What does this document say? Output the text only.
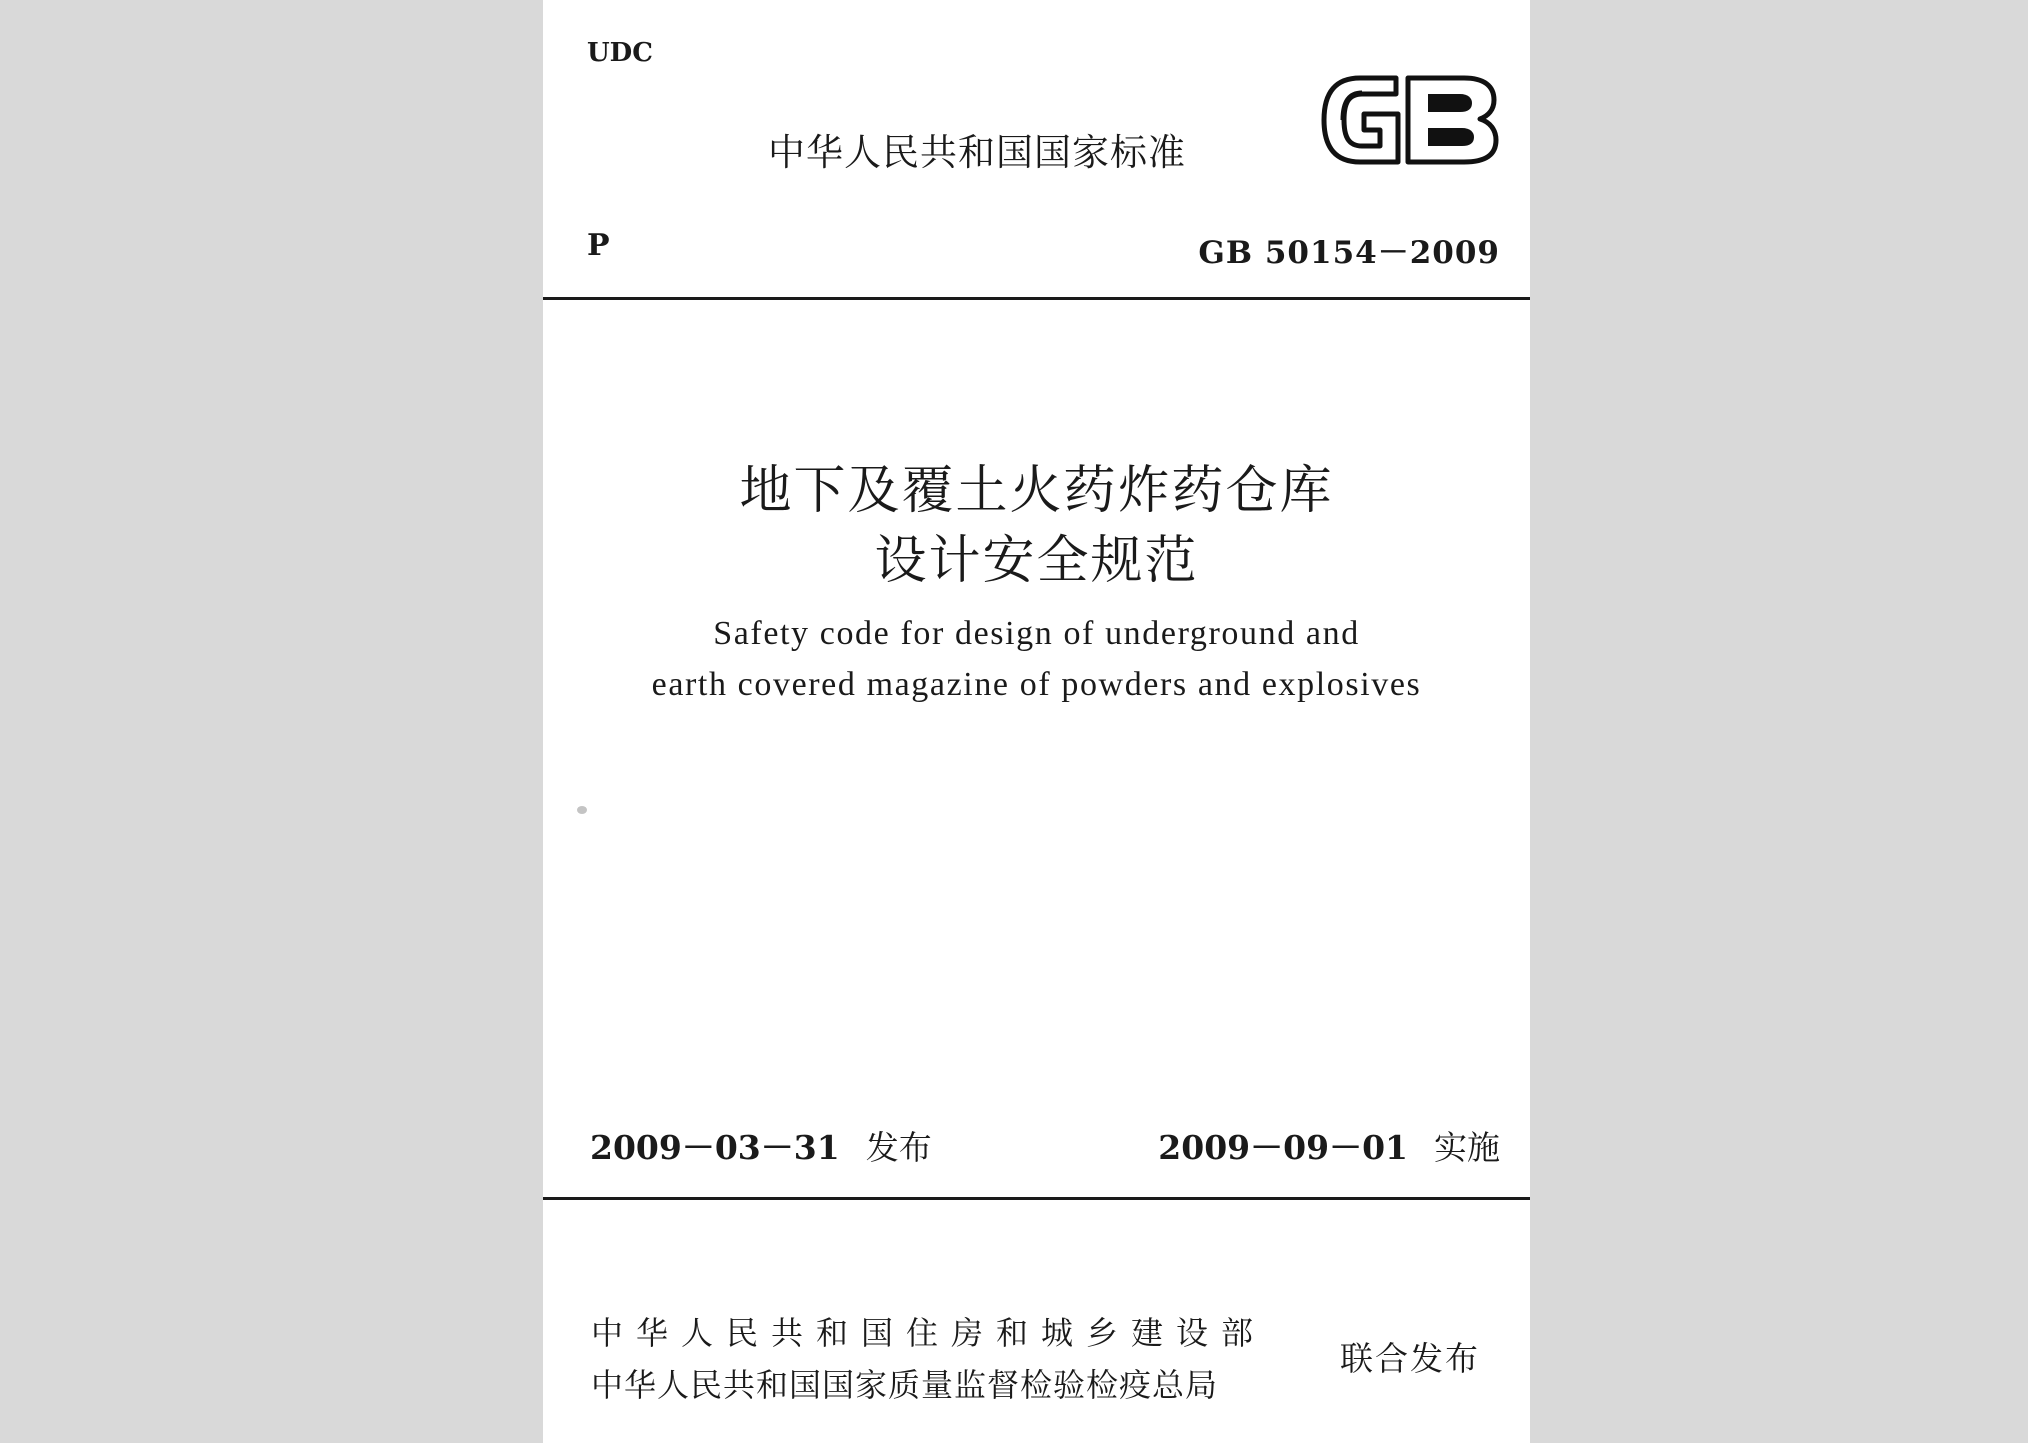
UDC
中华人民共和国国家标准
P	GB 50154－2009
地下及覆土火药炸药仓库
设计安全规范
Safety code for design of underground and
earth covered magazine of powders and explosives
2009－03－31 发布	2009－09－01 实施
中华人民共和国住房和城乡建设部
中华人民共和国国家质量监督检验检疫总局
联合发布
